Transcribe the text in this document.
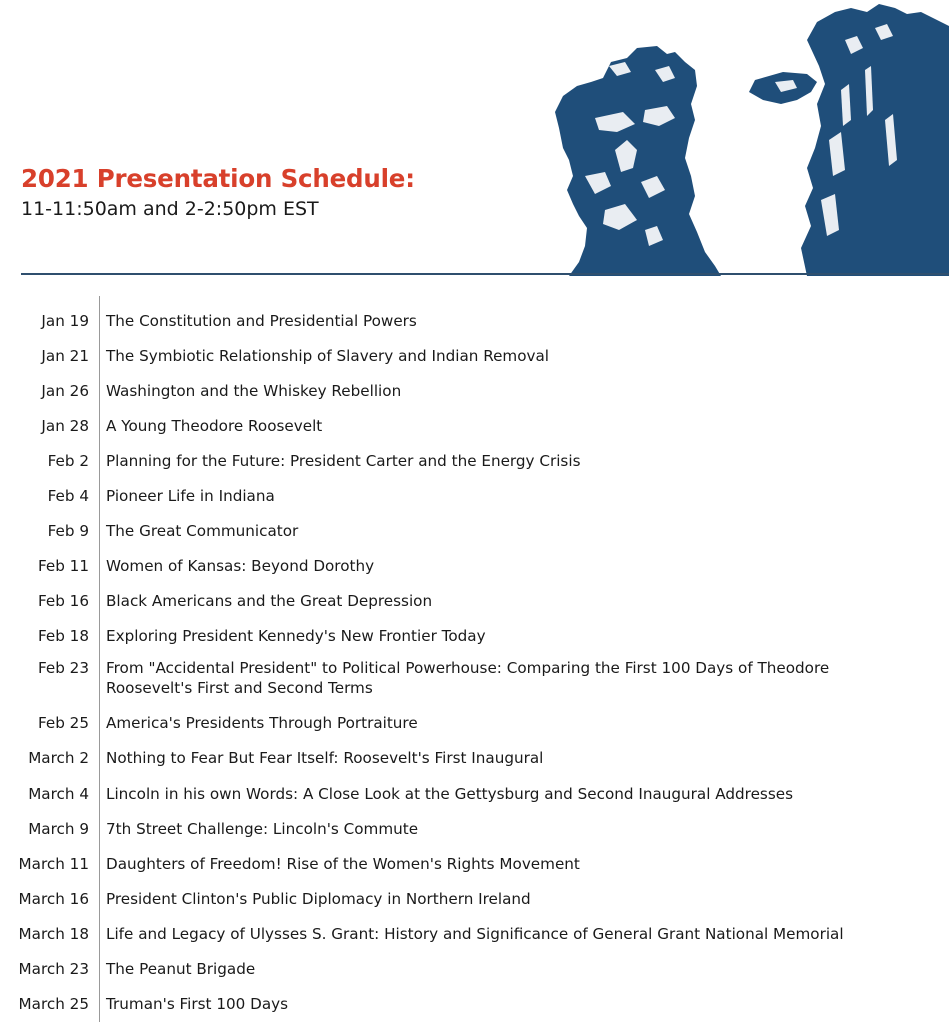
2021 Presentation Schedule:
11-11:50am and 2-2:50pm EST
Jan 19 The Constitution and Presidential Powers
Jan 21 The Symbiotic Relationship of Slavery and Indian Removal
Jan 26 Washington and the Whiskey Rebellion
Jan 28 A Young Theodore Roosevelt
Feb 2 Planning for the Future: President Carter and the Energy Crisis
Feb 4 Pioneer Life in Indiana
Feb 9 The Great Communicator
Feb 11 Women of Kansas: Beyond Dorothy
Feb 16 Black Americans and the Great Depression
Feb 18 Exploring President Kennedy's New Frontier Today
Feb 23 From "Accidental President" to Political Powerhouse: Comparing the First 100 Days of Theodore Roosevelt's First and Second Terms
Feb 25 America's Presidents Through Portraiture
March 2 Nothing to Fear But Fear Itself: Roosevelt's First Inaugural
March 4 Lincoln in his own Words: A Close Look at the Gettysburg and Second Inaugural Addresses
March 9 7th Street Challenge: Lincoln's Commute
March 11 Daughters of Freedom! Rise of the Women's Rights Movement
March 16 President Clinton's Public Diplomacy in Northern Ireland
March 18 Life and Legacy of Ulysses S. Grant: History and Significance of General Grant National Memorial
March 23 The Peanut Brigade
March 25 Truman's First 100 Days
